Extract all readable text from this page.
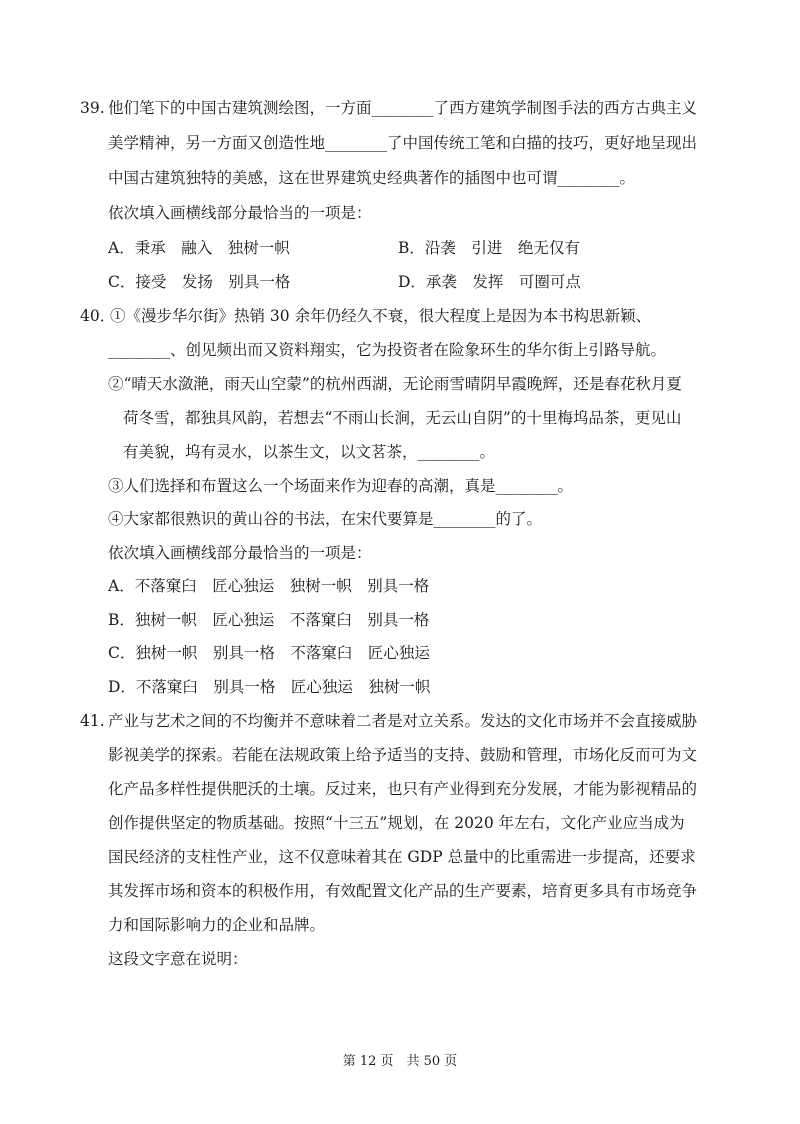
39. 他们笔下的中国古建筑测绘图，一方面________了西方建筑学制图手法的西方古典主义
美学精神，另一方面又创造性地________了中国传统工笔和白描的技巧，更好地呈现出
中国古建筑独特的美感，这在世界建筑史经典著作的插图中也可谓________。
依次填入画横线部分最恰当的一项是：
A．秉承　融入　独树一帜	B．沿袭　引进　绝无仅有
C．接受　发扬　别具一格	D．承袭　发挥　可圈可点
40．
①《漫步华尔街》热销 30 余年仍经久不衰，很大程度上是因为本书构思新颖、
________、创见频出而又资料翔实，它为投资者在险象环生的华尔街上引路导航。
②“晴天水潋滟，雨天山空蒙”的杭州西湖，无论雨雪晴阴早霞晚辉，还是春花秋月夏
荷冬雪，都独具风韵，若想去“不雨山长涧，无云山自阴”的十里梅坞品茶，更见山
有美貌，坞有灵水，以茶生文，以文茗茶，________。
③人们选择和布置这么一个场面来作为迎春的高潮，真是________。
④大家都很熟识的黄山谷的书法，在宋代要算是________的了。
依次填入画横线部分最恰当的一项是：
A．不落窠臼　匠心独运　独树一帜　别具一格
B．独树一帜　匠心独运　不落窠臼　别具一格
C．独树一帜　别具一格　不落窠臼　匠心独运
D．不落窠臼　别具一格　匠心独运　独树一帜
41. 产业与艺术之间的不均衡并不意味着二者是对立关系。发达的文化市场并不会直接威胁
影视美学的探索。若能在法规政策上给予适当的支持、鼓励和管理，市场化反而可为文
化产品多样性提供肥沃的土壤。反过来，也只有产业得到充分发展，才能为影视精品的
创作提供坚定的物质基础。按照“十三五”规划，在 2020 年左右，文化产业应当成为
国民经济的支柱性产业，这不仅意味着其在 GDP 总量中的比重需进一步提高，还要求
其发挥市场和资本的积极作用，有效配置文化产品的生产要素，培育更多具有市场竞争
力和国际影响力的企业和品牌。
这段文字意在说明：
第 12 页　共 50 页
